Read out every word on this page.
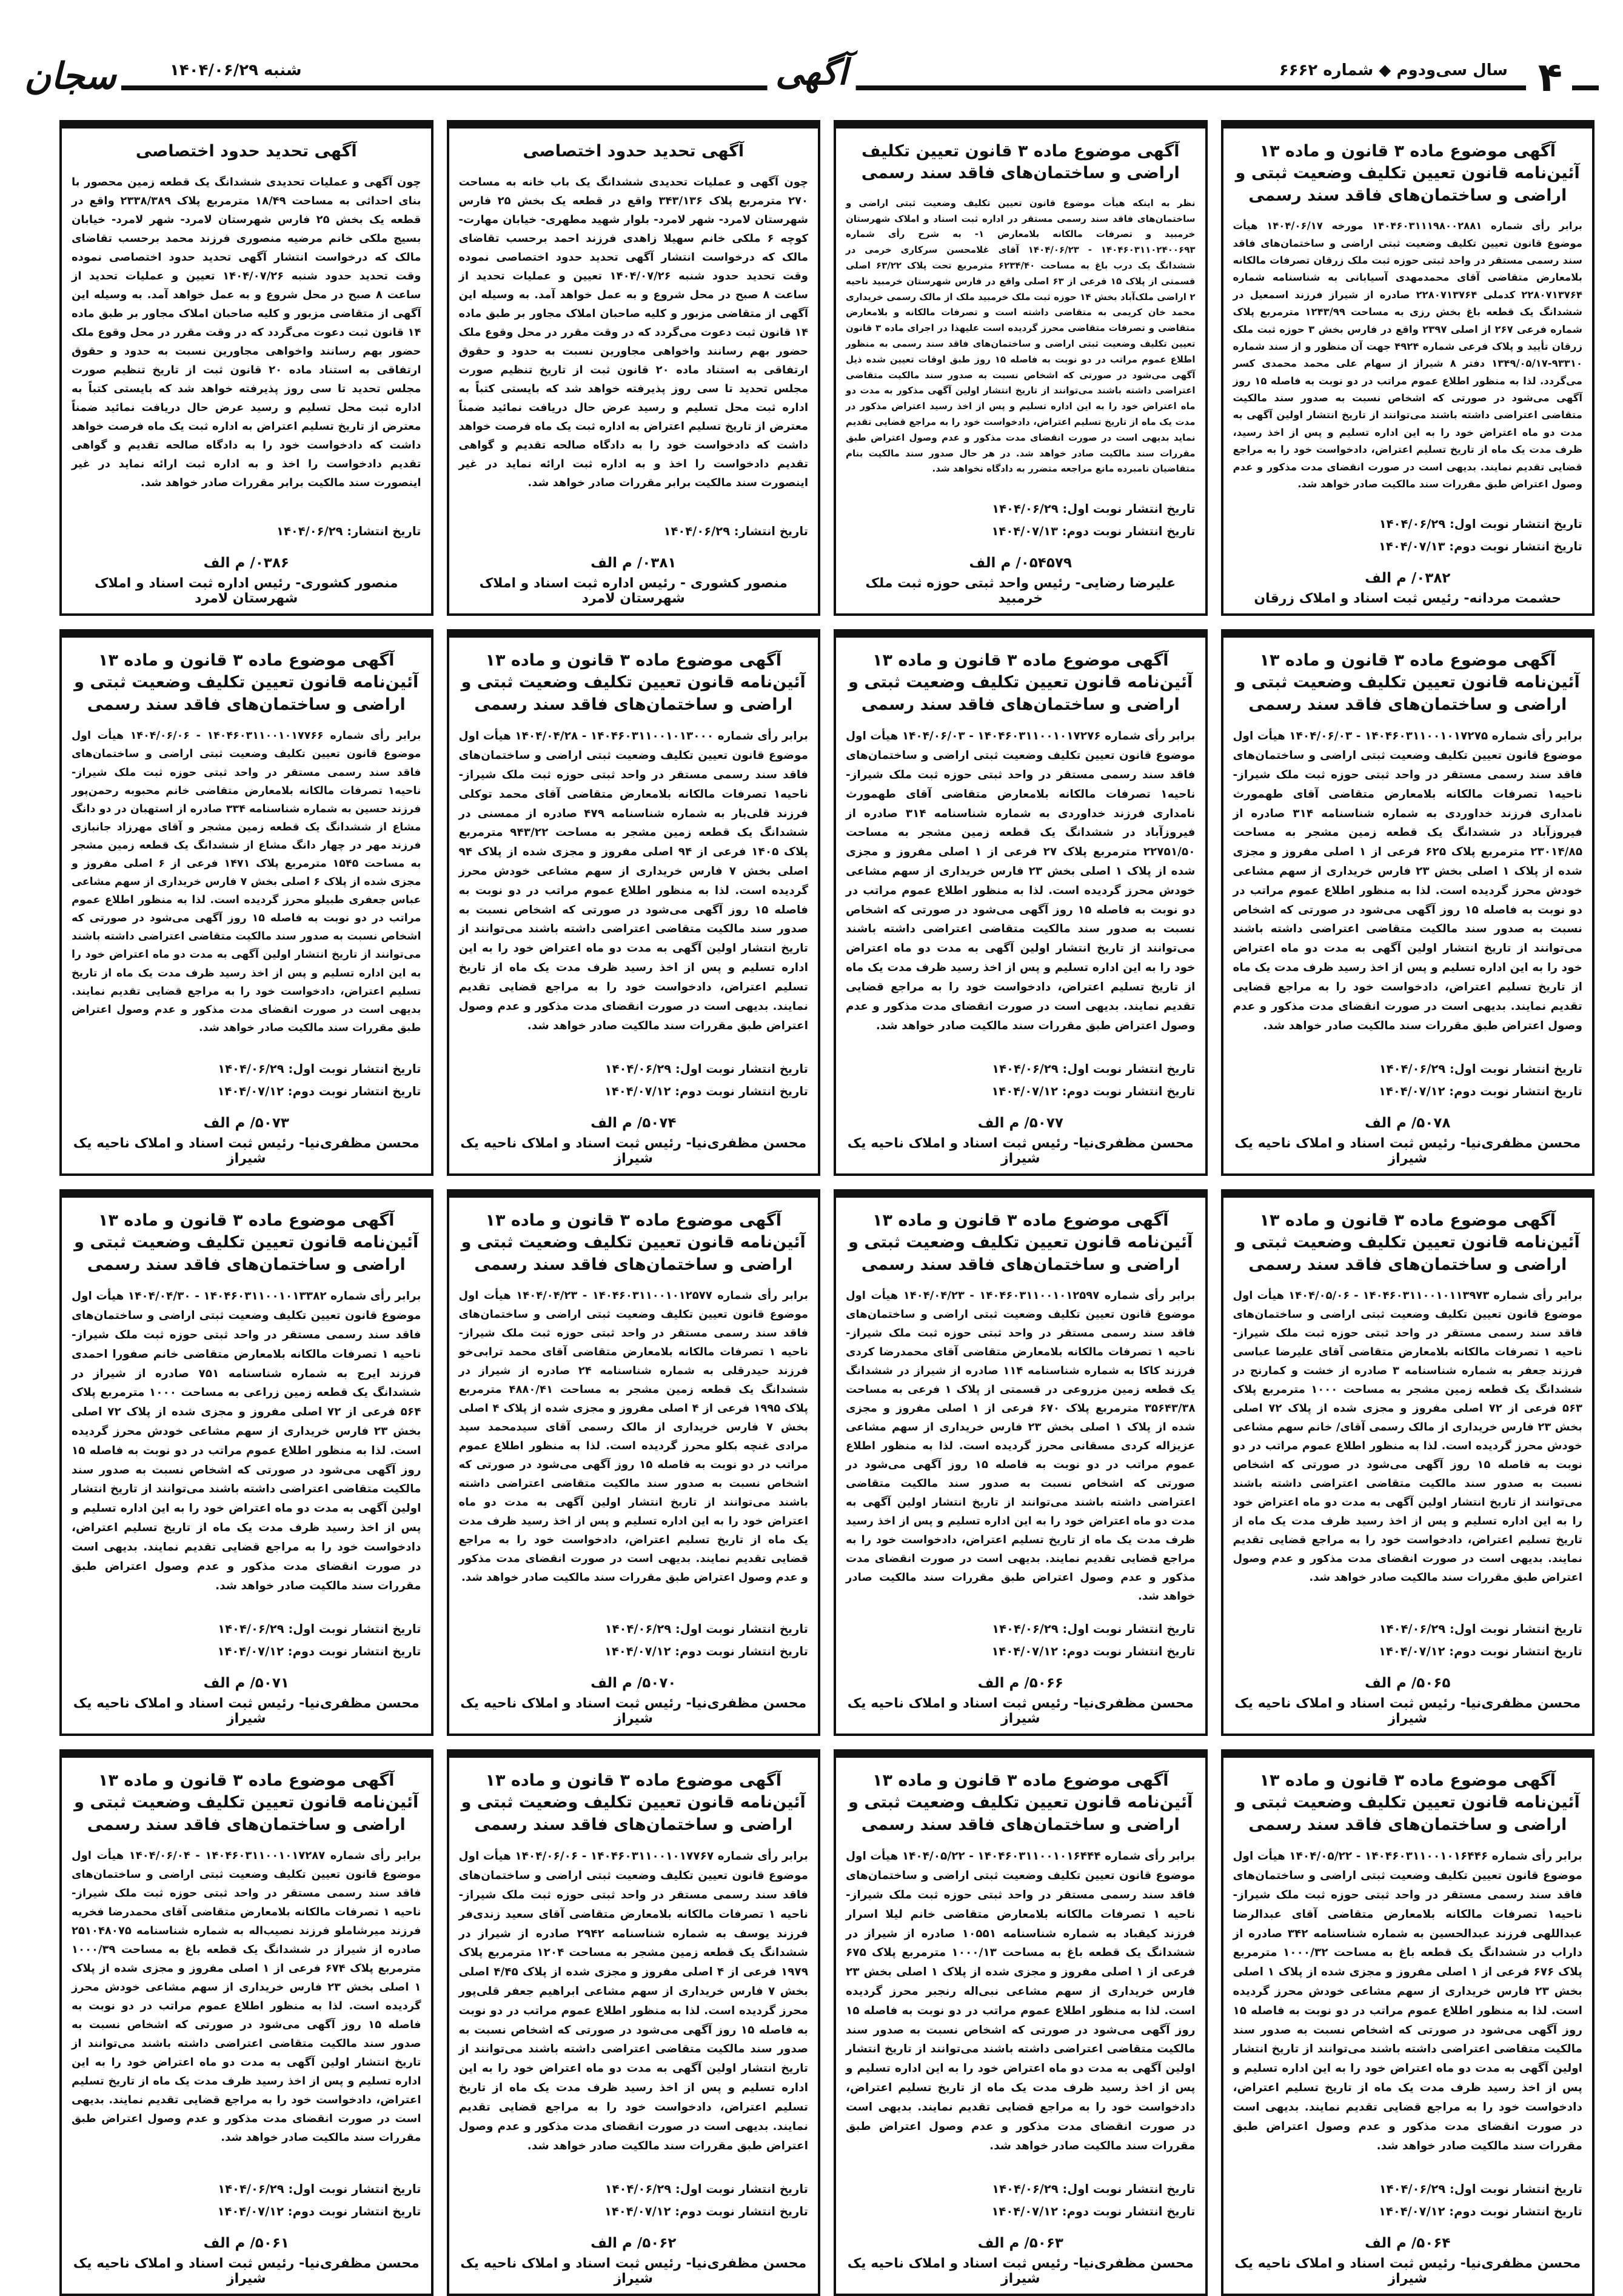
سجان	شنبه ۱۴۰۴/۰۶/۲۹	آگهی	سال سی‌ودوم ◆ شماره ۶۶۶۲ ۴
آگهی موضوع ماده ۳ قانون و ماده ۱۳ آئین‌نامه قانون تعیین تکلیف وضعیت ثبتی و اراضی و ساختمان‌های فاقد سند رسمی
برابر رأی شماره ۱۴۰۴۶۰۳۱۱۱۹۸۰۰۲۸۸۱ مورخه ۱۴۰۴/۰۶/۱۷ هیأت موضوع قانون تعیین تکلیف وضعیت ثبتی اراضی و ساختمان‌های فاقد سند رسمی مستقر در واحد ثبتی حوزه ثبت ملک زرقان تصرفات مالکانه بلامعارض متقاضی آقای محمدمهدی آسیابانی به شناسنامه شماره ۲۲۸۰۷۱۳۷۶۴ کدملی ۲۲۸۰۷۱۳۷۶۴ صادره از شیراز فرزند اسمعیل در ششدانگ یک قطعه باغ بخش رزی به مساحت ۱۲۴۳/۹۹ مترمربع پلاک شماره فرعی ۲۶۷ از اصلی ۲۳۹۷ واقع در فارس بخش ۳ حوزه ثبت ملک زرقان تأیید و پلاک فرعی شماره ۴۹۲۴ جهت آن منظور و از سند شماره ۹۳۳۱۰-۱۳۴۹/۰۵/۱۷ دفتر ۸ شیراز از سهام علی محمد محمدی کسر می‌گردد. لذا به منظور اطلاع عموم مراتب در دو نوبت به فاصله ۱۵ روز آگهی می‌شود در صورتی که اشخاص نسبت به صدور سند مالکیت متقاضی اعتراضی داشته باشند می‌توانند از تاریخ انتشار اولین آگهی به مدت دو ماه اعتراض خود را به این اداره تسلیم و پس از اخذ رسید، ظرف مدت یک ماه از تاریخ تسلیم اعتراض، دادخواست خود را به مراجع قضایی تقدیم نمایند. بدیهی است در صورت انقضای مدت مذکور و عدم وصول اعتراض طبق مقررات سند مالکیت صادر خواهد شد.
تاریخ انتشار نوبت اول: ۱۴۰۴/۰۶/۲۹
تاریخ انتشار نوبت دوم: ۱۴۰۴/۰۷/۱۳
۰۳۸۲/ م الف
حشمت مردانه- رئیس ثبت اسناد و املاک زرقان
آگهی موضوع ماده ۳ قانون تعیین تکلیف اراضی و ساختمان‌های فاقد سند رسمی
نظر به اینکه هیأت موضوع قانون تعیین تکلیف وضعیت ثبتی اراضی و ساختمان‌های فاقد سند رسمی مستقر در اداره ثبت اسناد و املاک شهرستان خرمبید و تصرفات مالکانه بلامعارض ۱- به شرح رأی شماره ۱۴۰۴۶۰۳۱۱۰۲۴۰۰۶۹۳ - ۱۴۰۴/۰۶/۲۳ آقای غلامحسن سرکاری خرمی در ششدانگ یک درب باغ به مساحت ۶۲۳۴/۴۰ مترمربع تحت پلاک ۶۳/۲۲ اصلی قسمتی از پلاک ۱۵ فرعی از ۶۳ اصلی واقع در فارس شهرستان خرمبید ناحیه ۲ اراضی ملک‌آباد بخش ۱۴ حوزه ثبت ملک خرمبید ملک از مالک رسمی خریداری محمد خان کریمی به متقاضی داشته است و تصرفات مالکانه و بلامعارض متقاضی و تصرفات متقاضی محرز گردیده است علیهذا در اجرای ماده ۳ قانون تعیین تکلیف وضعیت ثبتی اراضی و ساختمان‌های فاقد سند رسمی به منظور اطلاع عموم مراتب در دو نوبت به فاصله ۱۵ روز طبق اوقات تعیین شده ذیل آگهی می‌شود در صورتی که اشخاص نسبت به صدور سند مالکیت متقاضی اعتراضی داشته باشند می‌توانند از تاریخ انتشار اولین آگهی مذکور به مدت دو ماه اعتراض خود را به این اداره تسلیم و پس از اخذ رسید اعتراض مذکور در مدت یک ماه از تاریخ تسلیم اعتراض، دادخواست خود را به مراجع قضایی تقدیم نماید بدیهی است در صورت انقضای مدت مذکور و عدم وصول اعتراض طبق مقررات سند مالکیت صادر خواهد شد. در هر حال صدور سند مالکیت بنام متقاضیان نامبرده مانع مراجعه متضرر به دادگاه نخواهد شد.
تاریخ انتشار نوبت اول: ۱۴۰۴/۰۶/۲۹
تاریخ انتشار نوبت دوم: ۱۴۰۴/۰۷/۱۳
۰۵۴۵۷۹/ م الف
علیرضا رضایی- رئیس واحد ثبتی حوزه ثبت ملک خرمبید
آگهی تحدید حدود اختصاصی
چون آگهی و عملیات تحدیدی ششدانگ یک باب خانه به مساحت ۲۷۰ مترمربع پلاک ۳۴۳/۱۳۶ واقع در قطعه یک بخش ۲۵ فارس شهرستان لامرد- شهر لامرد- بلوار شهید مطهری- خیابان مهارت- کوچه ۶ ملکی خانم سهیلا زاهدی فرزند احمد برحسب تقاضای مالک که درخواست انتشار آگهی تحدید حدود اختصاصی نموده وقت تحدید حدود شنبه ۱۴۰۴/۰۷/۲۶ تعیین و عملیات تحدید از ساعت ۸ صبح در محل شروع و به عمل خواهد آمد. به وسیله این آگهی از متقاضی مزبور و کلیه صاحبان املاک مجاور بر طبق ماده ۱۴ قانون ثبت دعوت می‌گردد که در وقت مقرر در محل وقوع ملک حضور بهم رسانند واخواهی مجاورین نسبت به حدود و حقوق ارتفاقی به استناد ماده ۲۰ قانون ثبت از تاریخ تنظیم صورت مجلس تحدید تا سی روز پذیرفته خواهد شد که بایستی کتباً به اداره ثبت محل تسلیم و رسید عرض حال دریافت نمائید ضمناً معترض از تاریخ تسلیم اعتراض به اداره ثبت یک ماه فرصت خواهد داشت که دادخواست خود را به دادگاه صالحه تقدیم و گواهی تقدیم دادخواست را اخذ و به اداره ثبت ارائه نماید در غیر اینصورت سند مالکیت برابر مقررات صادر خواهد شد.
تاریخ انتشار: ۱۴۰۴/۰۶/۲۹
۰۳۸۱/ م الف
منصور کشوری - رئیس اداره ثبت اسناد و املاک شهرستان لامرد
آگهی تحدید حدود اختصاصی
چون آگهی و عملیات تحدیدی ششدانگ یک قطعه زمین محصور با بنای احداثی به مساحت ۱۸/۴۹ مترمربع پلاک ۲۳۳۸/۳۸۹ واقع در قطعه یک بخش ۲۵ فارس شهرستان لامرد- شهر لامرد- خیابان بسیج ملکی خانم مرضیه منصوری فرزند محمد برحسب تقاضای مالک که درخواست انتشار آگهی تحدید حدود اختصاصی نموده وقت تحدید حدود شنبه ۱۴۰۴/۰۷/۲۶ تعیین و عملیات تحدید از ساعت ۸ صبح در محل شروع و به عمل خواهد آمد. به وسیله این آگهی از متقاضی مزبور و کلیه صاحبان املاک مجاور بر طبق ماده ۱۴ قانون ثبت دعوت می‌گردد که در وقت مقرر در محل وقوع ملک حضور بهم رسانند واخواهی مجاورین نسبت به حدود و حقوق ارتفاقی به استناد ماده ۲۰ قانون ثبت از تاریخ تنظیم صورت مجلس تحدید تا سی روز پذیرفته خواهد شد که بایستی کتباً به اداره ثبت محل تسلیم و رسید عرض حال دریافت نمائید ضمناً معترض از تاریخ تسلیم اعتراض به اداره ثبت یک ماه فرصت خواهد داشت که دادخواست خود را به دادگاه صالحه تقدیم و گواهی تقدیم دادخواست را اخذ و به اداره ثبت ارائه نماید در غیر اینصورت سند مالکیت برابر مقررات صادر خواهد شد.
تاریخ انتشار: ۱۴۰۴/۰۶/۲۹
۰۳۸۶/ م الف
منصور کشوری- رئیس اداره ثبت اسناد و املاک شهرستان لامرد
آگهی موضوع ماده ۳ قانون و ماده ۱۳ آئین‌نامه قانون تعیین تکلیف وضعیت ثبتی و اراضی و ساختمان‌های فاقد سند رسمی
برابر رأی شماره ۱۴۰۴۶۰۳۱۱۰۰۱۰۱۷۲۷۵ - ۱۴۰۴/۰۶/۰۳ هیأت اول موضوع قانون تعیین تکلیف وضعیت ثبتی اراضی و ساختمان‌های فاقد سند رسمی مستقر در واحد ثبتی حوزه ثبت ملک شیراز- ناحیه۱ تصرفات مالکانه بلامعارض متقاضی آقای طهمورث نامداری فرزند خداوردی به شماره شناسنامه ۳۱۴ صادره از فیروزآباد در ششدانگ یک قطعه زمین مشجر به مساحت ۲۳۰۱۴/۸۵ مترمربع پلاک ۶۲۵ فرعی از ۱ اصلی مفروز و مجزی شده از پلاک ۱ اصلی بخش ۲۳ فارس خریداری از سهم مشاعی خودش محرز گردیده است. لذا به منظور اطلاع عموم مراتب در دو نوبت به فاصله ۱۵ روز آگهی می‌شود در صورتی که اشخاص نسبت به صدور سند مالکیت متقاضی اعتراضی داشته باشند می‌توانند از تاریخ انتشار اولین آگهی به مدت دو ماه اعتراض خود را به این اداره تسلیم و پس از اخذ رسید ظرف مدت یک ماه از تاریخ تسلیم اعتراض، دادخواست خود را به مراجع قضایی تقدیم نمایند. بدیهی است در صورت انقضای مدت مذکور و عدم وصول اعتراض طبق مقررات سند مالکیت صادر خواهد شد.
تاریخ انتشار نوبت اول: ۱۴۰۴/۰۶/۲۹
تاریخ انتشار نوبت دوم: ۱۴۰۴/۰۷/۱۲
۵۰۷۸/ م الف
محسن مظفری‌نیا- رئیس ثبت اسناد و املاک ناحیه یک شیراز
آگهی موضوع ماده ۳ قانون و ماده ۱۳ آئین‌نامه قانون تعیین تکلیف وضعیت ثبتی و اراضی و ساختمان‌های فاقد سند رسمی
برابر رأی شماره ۱۴۰۴۶۰۳۱۱۰۰۱۰۱۷۲۷۶ - ۱۴۰۴/۰۶/۰۳ هیأت اول موضوع قانون تعیین تکلیف وضعیت ثبتی اراضی و ساختمان‌های فاقد سند رسمی مستقر در واحد ثبتی حوزه ثبت ملک شیراز- ناحیه۱ تصرفات مالکانه بلامعارض متقاضی آقای طهمورث نامداری فرزند خداوردی به شماره شناسنامه ۳۱۴ صادره از فیروزآباد در ششدانگ یک قطعه زمین مشجر به مساحت ۲۲۷۵۱/۵۰ مترمربع پلاک ۲۷ فرعی از ۱ اصلی مفروز و مجزی شده از پلاک ۱ اصلی بخش ۲۳ فارس خریداری از سهم مشاعی خودش محرز گردیده است. لذا به منظور اطلاع عموم مراتب در دو نوبت به فاصله ۱۵ روز آگهی می‌شود در صورتی که اشخاص نسبت به صدور سند مالکیت متقاضی اعتراضی داشته باشند می‌توانند از تاریخ انتشار اولین آگهی به مدت دو ماه اعتراض خود را به این اداره تسلیم و پس از اخذ رسید ظرف مدت یک ماه از تاریخ تسلیم اعتراض، دادخواست خود را به مراجع قضایی تقدیم نمایند. بدیهی است در صورت انقضای مدت مذکور و عدم وصول اعتراض طبق مقررات سند مالکیت صادر خواهد شد.
تاریخ انتشار نوبت اول: ۱۴۰۴/۰۶/۲۹
تاریخ انتشار نوبت دوم: ۱۴۰۴/۰۷/۱۲
۵۰۷۷/ م الف
محسن مظفری‌نیا- رئیس ثبت اسناد و املاک ناحیه یک شیراز
آگهی موضوع ماده ۳ قانون و ماده ۱۳ آئین‌نامه قانون تعیین تکلیف وضعیت ثبتی و اراضی و ساختمان‌های فاقد سند رسمی
برابر رأی شماره ۱۴۰۴۶۰۳۱۱۰۰۱۰۱۳۰۰۰ - ۱۴۰۴/۰۴/۲۸ هیأت اول موضوع قانون تعیین تکلیف وضعیت ثبتی اراضی و ساختمان‌های فاقد سند رسمی مستقر در واحد ثبتی حوزه ثبت ملک شیراز- ناحیه۱ تصرفات مالکانه بلامعارض متقاضی آقای محمد توکلی فرزند قلی‌بار به شماره شناسنامه ۴۷۹ صادره از ممسنی در ششدانگ یک قطعه زمین مشجر به مساحت ۹۴۳/۲۲ مترمربع پلاک ۱۴۰۵ فرعی از ۹۴ اصلی مفروز و مجزی شده از پلاک ۹۴ اصلی بخش ۷ فارس خریداری از سهم مشاعی خودش محرز گردیده است. لذا به منظور اطلاع عموم مراتب در دو نوبت به فاصله ۱۵ روز آگهی می‌شود در صورتی که اشخاص نسبت به صدور سند مالکیت متقاضی اعتراضی داشته باشند می‌توانند از تاریخ انتشار اولین آگهی به مدت دو ماه اعتراض خود را به این اداره تسلیم و پس از اخذ رسید ظرف مدت یک ماه از تاریخ تسلیم اعتراض، دادخواست خود را به مراجع قضایی تقدیم نمایند. بدیهی است در صورت انقضای مدت مذکور و عدم وصول اعتراض طبق مقررات سند مالکیت صادر خواهد شد.
تاریخ انتشار نوبت اول: ۱۴۰۴/۰۶/۲۹
تاریخ انتشار نوبت دوم: ۱۴۰۴/۰۷/۱۲
۵۰۷۴/ م الف
محسن مظفری‌نیا- رئیس ثبت اسناد و املاک ناحیه یک شیراز
آگهی موضوع ماده ۳ قانون و ماده ۱۳ آئین‌نامه قانون تعیین تکلیف وضعیت ثبتی و اراضی و ساختمان‌های فاقد سند رسمی
برابر رأی شماره ۱۴۰۴۶۰۳۱۱۰۰۱۰۱۷۷۶۶ - ۱۴۰۴/۰۶/۰۶ هیأت اول موضوع قانون تعیین تکلیف وضعیت ثبتی اراضی و ساختمان‌های فاقد سند رسمی مستقر در واحد ثبتی حوزه ثبت ملک شیراز- ناحیه۱ تصرفات مالکانه بلامعارض متقاضی خانم محبوبه رحمن‌پور فرزند حسین به شماره شناسنامه ۳۳۴ صادره از استهبان در دو دانگ مشاع از ششدانگ یک قطعه زمین مشجر و آقای مهرزاد جانبازی فرزند مهر در چهار دانگ مشاع از ششدانگ یک قطعه زمین مشجر به مساحت ۱۵۴۵ مترمربع پلاک ۱۴۷۱ فرعی از ۶ اصلی مفروز و مجزی شده از پلاک ۶ اصلی بخش ۷ فارس خریداری از سهم مشاعی عباس جعفری طبیلو محرز گردیده است. لذا به منظور اطلاع عموم مراتب در دو نوبت به فاصله ۱۵ روز آگهی می‌شود در صورتی که اشخاص نسبت به صدور سند مالکیت متقاضی اعتراضی داشته باشند می‌توانند از تاریخ انتشار اولین آگهی به مدت دو ماه اعتراض خود را به این اداره تسلیم و پس از اخذ رسید ظرف مدت یک ماه از تاریخ تسلیم اعتراض، دادخواست خود را به مراجع قضایی تقدیم نمایند. بدیهی است در صورت انقضای مدت مذکور و عدم وصول اعتراض طبق مقررات سند مالکیت صادر خواهد شد.
تاریخ انتشار نوبت اول: ۱۴۰۴/۰۶/۲۹
تاریخ انتشار نوبت دوم: ۱۴۰۴/۰۷/۱۲
۵۰۷۳/ م الف
محسن مظفری‌نیا- رئیس ثبت اسناد و املاک ناحیه یک شیراز
آگهی موضوع ماده ۳ قانون و ماده ۱۳ آئین‌نامه قانون تعیین تکلیف وضعیت ثبتی و اراضی و ساختمان‌های فاقد سند رسمی
برابر رأی شماره ۱۴۰۴۶۰۳۱۱۰۰۱۰۱۱۳۹۷۳ - ۱۴۰۴/۰۵/۰۶ هیأت اول موضوع قانون تعیین تکلیف وضعیت ثبتی اراضی و ساختمان‌های فاقد سند رسمی مستقر در واحد ثبتی حوزه ثبت ملک شیراز- ناحیه ۱ تصرفات مالکانه بلامعارض متقاضی آقای علیرضا عباسی فرزند جعفر به شماره شناسنامه ۳ صادره از خشت و کمارنج در ششدانگ یک قطعه زمین مشجر به مساحت ۱۰۰۰ مترمربع پلاک ۵۶۳ فرعی از ۷۲ اصلی مفروز و مجزی شده از پلاک ۷۲ اصلی بخش ۲۳ فارس خریداری از مالک رسمی آقای/ خانم سهم مشاعی خودش محرز گردیده است. لذا به منظور اطلاع عموم مراتب در دو نوبت به فاصله ۱۵ روز آگهی می‌شود در صورتی که اشخاص نسبت به صدور سند مالکیت متقاضی اعتراضی داشته باشند می‌توانند از تاریخ انتشار اولین آگهی به مدت دو ماه اعتراض خود را به این اداره تسلیم و پس از اخذ رسید ظرف مدت یک ماه از تاریخ تسلیم اعتراض، دادخواست خود را به مراجع قضایی تقدیم نمایند. بدیهی است در صورت انقضای مدت مذکور و عدم وصول اعتراض طبق مقررات سند مالکیت صادر خواهد شد.
تاریخ انتشار نوبت اول: ۱۴۰۴/۰۶/۲۹
تاریخ انتشار نوبت دوم: ۱۴۰۴/۰۷/۱۲
۵۰۶۵/ م الف
محسن مظفری‌نیا- رئیس ثبت اسناد و املاک ناحیه یک شیراز
آگهی موضوع ماده ۳ قانون و ماده ۱۳ آئین‌نامه قانون تعیین تکلیف وضعیت ثبتی و اراضی و ساختمان‌های فاقد سند رسمی
برابر رأی شماره ۱۴۰۴۶۰۳۱۱۰۰۱۰۱۲۵۹۷ - ۱۴۰۴/۰۴/۲۳ هیأت اول موضوع قانون تعیین تکلیف وضعیت ثبتی اراضی و ساختمان‌های فاقد سند رسمی مستقر در واحد ثبتی حوزه ثبت ملک شیراز- ناحیه ۱ تصرفات مالکانه بلامعارض متقاضی آقای محمدرضا کردی فرزند کاکا به شماره شناسنامه ۱۱۴ صادره از شیراز در ششدانگ یک قطعه زمین مزروعی در قسمتی از پلاک ۱ فرعی به مساحت ۳۵۶۴۳/۳۸ مترمربع پلاک ۶۷۰ فرعی از ۱ اصلی مفروز و مجزی شده از پلاک ۱ اصلی بخش ۲۳ فارس خریداری از سهم مشاعی عزیزاله کردی مسقانی محرز گردیده است. لذا به منظور اطلاع عموم مراتب در دو نوبت به فاصله ۱۵ روز آگهی می‌شود در صورتی که اشخاص نسبت به صدور سند مالکیت متقاضی اعتراضی داشته باشند می‌توانند از تاریخ انتشار اولین آگهی به مدت دو ماه اعتراض خود را به این اداره تسلیم و پس از اخذ رسید ظرف مدت یک ماه از تاریخ تسلیم اعتراض، دادخواست خود را به مراجع قضایی تقدیم نمایند. بدیهی است در صورت انقضای مدت مذکور و عدم وصول اعتراض طبق مقررات سند مالکیت صادر خواهد شد.
تاریخ انتشار نوبت اول: ۱۴۰۴/۰۶/۲۹
تاریخ انتشار نوبت دوم: ۱۴۰۴/۰۷/۱۲
۵۰۶۶/ م الف
محسن مظفری‌نیا- رئیس ثبت اسناد و املاک ناحیه یک شیراز
آگهی موضوع ماده ۳ قانون و ماده ۱۳ آئین‌نامه قانون تعیین تکلیف وضعیت ثبتی و اراضی و ساختمان‌های فاقد سند رسمی
برابر رأی شماره ۱۴۰۴۶۰۳۱۱۰۰۱۰۱۲۵۷۷ - ۱۴۰۴/۰۴/۲۳ هیأت اول موضوع قانون تعیین تکلیف وضعیت ثبتی اراضی و ساختمان‌های فاقد سند رسمی مستقر در واحد ثبتی حوزه ثبت ملک شیراز- ناحیه ۱ تصرفات مالکانه بلامعارض متقاضی آقای محمد ترابی‌خو فرزند حیدرقلی به شماره شناسنامه ۲۴ صادره از شیراز در ششدانگ یک قطعه زمین مشجر به مساحت ۴۸۸۰/۴۱ مترمربع پلاک ۱۹۹۵ فرعی از ۴ اصلی مفروز و مجزی شده از پلاک ۴ اصلی بخش ۷ فارس خریداری از مالک رسمی آقای سیدمحمد سید مرادی غنچه بکلو محرز گردیده است. لذا به منظور اطلاع عموم مراتب در دو نوبت به فاصله ۱۵ روز آگهی می‌شود در صورتی که اشخاص نسبت به صدور سند مالکیت متقاضی اعتراضی داشته باشند می‌توانند از تاریخ انتشار اولین آگهی به مدت دو ماه اعتراض خود را به این اداره تسلیم و پس از اخذ رسید ظرف مدت یک ماه از تاریخ تسلیم اعتراض، دادخواست خود را به مراجع قضایی تقدیم نمایند. بدیهی است در صورت انقضای مدت مذکور و عدم وصول اعتراض طبق مقررات سند مالکیت صادر خواهد شد.
تاریخ انتشار نوبت اول: ۱۴۰۴/۰۶/۲۹
تاریخ انتشار نوبت دوم: ۱۴۰۴/۰۷/۱۲
۵۰۷۰/ م الف
محسن مظفری‌نیا- رئیس ثبت اسناد و املاک ناحیه یک شیراز
آگهی موضوع ماده ۳ قانون و ماده ۱۳ آئین‌نامه قانون تعیین تکلیف وضعیت ثبتی و اراضی و ساختمان‌های فاقد سند رسمی
برابر رأی شماره ۱۴۰۴۶۰۳۱۱۰۰۱۰۱۳۳۸۲ - ۱۴۰۴/۰۴/۳۰ هیأت اول موضوع قانون تعیین تکلیف وضعیت ثبتی اراضی و ساختمان‌های فاقد سند رسمی مستقر در واحد ثبتی حوزه ثبت ملک شیراز- ناحیه ۱ تصرفات مالکانه بلامعارض متقاضی خانم صفورا احمدی فرزند ایرج به شماره شناسنامه ۷۵۱ صادره از شیراز در ششدانگ یک قطعه زمین زراعی به مساحت ۱۰۰۰ مترمربع پلاک ۵۶۴ فرعی از ۷۲ اصلی مفروز و مجزی شده از پلاک ۷۲ اصلی بخش ۲۳ فارس خریداری از سهم مشاعی خودش محرز گردیده است. لذا به منظور اطلاع عموم مراتب در دو نوبت به فاصله ۱۵ روز آگهی می‌شود در صورتی که اشخاص نسبت به صدور سند مالکیت متقاضی اعتراضی داشته باشند می‌توانند از تاریخ انتشار اولین آگهی به مدت دو ماه اعتراض خود را به این اداره تسلیم و پس از اخذ رسید ظرف مدت یک ماه از تاریخ تسلیم اعتراض، دادخواست خود را به مراجع قضایی تقدیم نمایند. بدیهی است در صورت انقضای مدت مذکور و عدم وصول اعتراض طبق مقررات سند مالکیت صادر خواهد شد.
تاریخ انتشار نوبت اول: ۱۴۰۴/۰۶/۲۹
تاریخ انتشار نوبت دوم: ۱۴۰۴/۰۷/۱۲
۵۰۷۱/ م الف
محسن مظفری‌نیا- رئیس ثبت اسناد و املاک ناحیه یک شیراز
آگهی موضوع ماده ۳ قانون و ماده ۱۳ آئین‌نامه قانون تعیین تکلیف وضعیت ثبتی و اراضی و ساختمان‌های فاقد سند رسمی
برابر رأی شماره ۱۴۰۴۶۰۳۱۱۰۰۱۰۱۶۴۴۶ - ۱۴۰۴/۰۵/۲۲ هیأت اول موضوع قانون تعیین تکلیف وضعیت ثبتی اراضی و ساختمان‌های فاقد سند رسمی مستقر در واحد ثبتی حوزه ثبت ملک شیراز- ناحیه۱ تصرفات مالکانه بلامعارض متقاضی آقای عبدالرضا عبداللهی فرزند عبدالحسین به شماره شناسنامه ۳۴۲ صادره از داراب در ششدانگ یک قطعه باغ به مساحت ۱۰۰۰/۳۲ مترمربع پلاک ۶۷۶ فرعی از ۱ اصلی مفروز و مجزی شده از پلاک ۱ اصلی بخش ۲۳ فارس خریداری از سهم مشاعی خودش محرز گردیده است. لذا به منظور اطلاع عموم مراتب در دو نوبت به فاصله ۱۵ روز آگهی می‌شود در صورتی که اشخاص نسبت به صدور سند مالکیت متقاضی اعتراضی داشته باشند می‌توانند از تاریخ انتشار اولین آگهی به مدت دو ماه اعتراض خود را به این اداره تسلیم و پس از اخذ رسید ظرف مدت یک ماه از تاریخ تسلیم اعتراض، دادخواست خود را به مراجع قضایی تقدیم نمایند. بدیهی است در صورت انقضای مدت مذکور و عدم وصول اعتراض طبق مقررات سند مالکیت صادر خواهد شد.
تاریخ انتشار نوبت اول: ۱۴۰۴/۰۶/۲۹
تاریخ انتشار نوبت دوم: ۱۴۰۴/۰۷/۱۲
۵۰۶۴/ م الف
محسن مظفری‌نیا- رئیس ثبت اسناد و املاک ناحیه یک شیراز
آگهی موضوع ماده ۳ قانون و ماده ۱۳ آئین‌نامه قانون تعیین تکلیف وضعیت ثبتی و اراضی و ساختمان‌های فاقد سند رسمی
برابر رأی شماره ۱۴۰۴۶۰۳۱۱۰۰۱۰۱۶۴۴۴ - ۱۴۰۴/۰۵/۲۲ هیأت اول موضوع قانون تعیین تکلیف وضعیت ثبتی اراضی و ساختمان‌های فاقد سند رسمی مستقر در واحد ثبتی حوزه ثبت ملک شیراز- ناحیه ۱ تصرفات مالکانه بلامعارض متقاضی خانم لیلا اسرار فرزند کیقباد به شماره شناسنامه ۱۰۵۵۱ صادره از شیراز در ششدانگ یک قطعه باغ به مساحت ۱۰۰۰/۱۳ مترمربع پلاک ۶۷۵ فرعی از ۱ اصلی مفروز و مجزی شده از پلاک ۱ اصلی بخش ۲۳ فارس خریداری از سهم مشاعی نبی‌اله رنجبر محرز گردیده است. لذا به منظور اطلاع عموم مراتب در دو نوبت به فاصله ۱۵ روز آگهی می‌شود در صورتی که اشخاص نسبت به صدور سند مالکیت متقاضی اعتراضی داشته باشند می‌توانند از تاریخ انتشار اولین آگهی به مدت دو ماه اعتراض خود را به این اداره تسلیم و پس از اخذ رسید ظرف مدت یک ماه از تاریخ تسلیم اعتراض، دادخواست خود را به مراجع قضایی تقدیم نمایند. بدیهی است در صورت انقضای مدت مذکور و عدم وصول اعتراض طبق مقررات سند مالکیت صادر خواهد شد.
تاریخ انتشار نوبت اول: ۱۴۰۴/۰۶/۲۹
تاریخ انتشار نوبت دوم: ۱۴۰۴/۰۷/۱۲
۵۰۶۳/ م الف
محسن مظفری‌نیا- رئیس ثبت اسناد و املاک ناحیه یک شیراز
آگهی موضوع ماده ۳ قانون و ماده ۱۳ آئین‌نامه قانون تعیین تکلیف وضعیت ثبتی و اراضی و ساختمان‌های فاقد سند رسمی
برابر رأی شماره ۱۴۰۴۶۰۳۱۱۰۰۱۰۱۷۷۶۷ - ۱۴۰۴/۰۶/۰۶ هیأت اول موضوع قانون تعیین تکلیف وضعیت ثبتی اراضی و ساختمان‌های فاقد سند رسمی مستقر در واحد ثبتی حوزه ثبت ملک شیراز- ناحیه ۱ تصرفات مالکانه بلامعارض متقاضی آقای سعید زندی‌فر فرزند یوسف به شماره شناسنامه ۲۹۴۲ صادره از شیراز در ششدانگ یک قطعه زمین مشجر به مساحت ۱۲۰۴ مترمربع پلاک ۱۹۷۹ فرعی از ۴ اصلی مفروز و مجزی شده از پلاک ۴/۴۵ اصلی بخش ۷ فارس خریداری از سهم مشاعی ابراهیم جعفر قلی‌پور محرز گردیده است. لذا به منظور اطلاع عموم مراتب در دو نوبت به فاصله ۱۵ روز آگهی می‌شود در صورتی که اشخاص نسبت به صدور سند مالکیت متقاضی اعتراضی داشته باشند می‌توانند از تاریخ انتشار اولین آگهی به مدت دو ماه اعتراض خود را به این اداره تسلیم و پس از اخذ رسید ظرف مدت یک ماه از تاریخ تسلیم اعتراض، دادخواست خود را به مراجع قضایی تقدیم نمایند. بدیهی است در صورت انقضای مدت مذکور و عدم وصول اعتراض طبق مقررات سند مالکیت صادر خواهد شد.
تاریخ انتشار نوبت اول: ۱۴۰۴/۰۶/۲۹
تاریخ انتشار نوبت دوم: ۱۴۰۴/۰۷/۱۲
۵۰۶۲/ م الف
محسن مظفری‌نیا- رئیس ثبت اسناد و املاک ناحیه یک شیراز
آگهی موضوع ماده ۳ قانون و ماده ۱۳ آئین‌نامه قانون تعیین تکلیف وضعیت ثبتی و اراضی و ساختمان‌های فاقد سند رسمی
برابر رأی شماره ۱۴۰۴۶۰۳۱۱۰۰۱۰۱۷۲۸۷ - ۱۴۰۴/۰۶/۰۴ هیأت اول موضوع قانون تعیین تکلیف وضعیت ثبتی اراضی و ساختمان‌های فاقد سند رسمی مستقر در واحد ثبتی حوزه ثبت ملک شیراز- ناحیه ۱ تصرفات مالکانه بلامعارض متقاضی آقای محمدرضا فخریه فرزند میرشاملو فرزند نصیب‌اله به شماره شناسنامه ۲۵۱۰۴۸۰۷۵ صادره از شیراز در ششدانگ یک قطعه باغ به مساحت ۱۰۰۰/۳۹ مترمربع پلاک ۶۷۴ فرعی از ۱ اصلی مفروز و مجزی شده از پلاک ۱ اصلی بخش ۲۳ فارس خریداری از سهم مشاعی خودش محرز گردیده است. لذا به منظور اطلاع عموم مراتب در دو نوبت به فاصله ۱۵ روز آگهی می‌شود در صورتی که اشخاص نسبت به صدور سند مالکیت متقاضی اعتراضی داشته باشند می‌توانند از تاریخ انتشار اولین آگهی به مدت دو ماه اعتراض خود را به این اداره تسلیم و پس از اخذ رسید ظرف مدت یک ماه از تاریخ تسلیم اعتراض، دادخواست خود را به مراجع قضایی تقدیم نمایند. بدیهی است در صورت انقضای مدت مذکور و عدم وصول اعتراض طبق مقررات سند مالکیت صادر خواهد شد.
تاریخ انتشار نوبت اول: ۱۴۰۴/۰۶/۲۹
تاریخ انتشار نوبت دوم: ۱۴۰۴/۰۷/۱۲
۵۰۶۱/ م الف
محسن مظفری‌نیا- رئیس ثبت اسناد و املاک ناحیه یک شیراز
